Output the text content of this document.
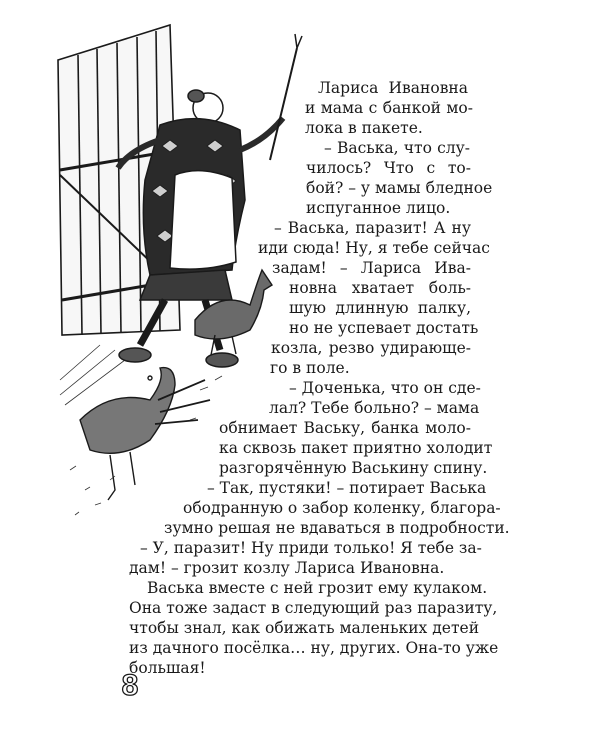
Лариса Ивановна
и мама с банкой мо-
лока в пакете.
– Васька, что слу-
чилось? Что с то-
бой? – у мамы бледное
испуганное лицо.
– Васька, паразит! А ну
иди сюда! Ну, я тебе сейчас
задам! – Лариса Ива-
новна хватает боль-
шую длинную палку,
но не успевает достать
козла, резво удирающе-
го в поле.
– Доченька, что он сде-
лал? Тебе больно? – мама
обнимает Ваську, банка моло-
ка сквозь пакет приятно холодит
разгорячённую Васькину спину.
– Так, пустяки! – потирает Васька
ободранную о забор коленку, благора-
зумно решая не вдаваться в подробности.
– У, паразит! Ну приди только! Я тебе за-
дам! – грозит козлу Лариса Ивановна.
Васька вместе с ней грозит ему кулаком.
Она тоже задаст в следующий раз паразиту,
чтобы знал, как обижать маленьких детей
из дачного посёлка… ну, других. Она-то уже
большая!
8
